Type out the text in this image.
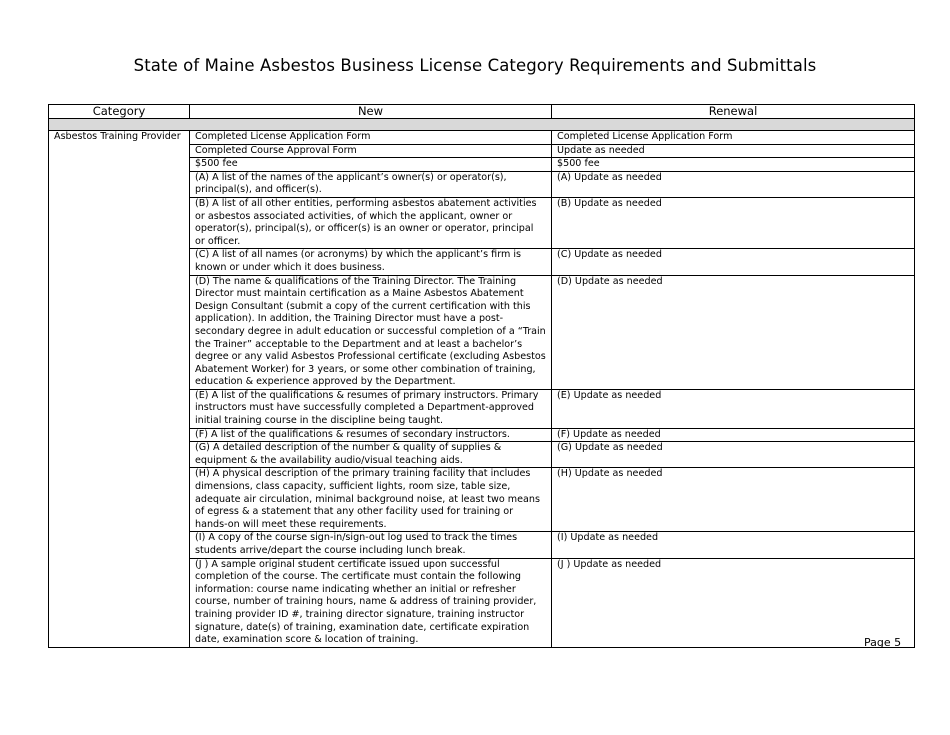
State of Maine Asbestos Business License Category Requirements and Submittals
Category	New	Renewal

Asbestos Training Provider	Completed License Application Form	Completed License Application Form
	Completed Course Approval Form	Update as needed
	$500 fee	$500 fee
	(A) A list of the names of the applicant’s owner(s) or operator(s), principal(s), and officer(s).	(A) Update as needed
	(B) A list of all other entities, performing asbestos abatement activities or asbestos associated activities, of which the applicant, owner or operator(s), principal(s), or officer(s) is an owner or operator, principal or officer.	(B) Update as needed
	(C) A list of all names (or acronyms) by which the applicant’s firm is known or under which it does business.	(C) Update as needed
	(D) The name & qualifications of the Training Director. The Training Director must maintain certification as a Maine Asbestos Abatement Design Consultant (submit a copy of the current certification with this application). In addition, the Training Director must have a post-secondary degree in adult education or successful completion of a “Train the Trainer” acceptable to the Department and at least a bachelor’s degree or any valid Asbestos Professional certificate (excluding Asbestos Abatement Worker) for 3 years, or some other combination of training, education & experience approved by the Department.	(D) Update as needed
	(E) A list of the qualifications & resumes of primary instructors. Primary instructors must have successfully completed a Department-approved initial training course in the discipline being taught.	(E) Update as needed
	(F) A list of the qualifications & resumes of secondary instructors.	(F) Update as needed
	(G) A detailed description of the number & quality of supplies & equipment & the availability audio/visual teaching aids.	(G) Update as needed
	(H) A physical description of the primary training facility that includes dimensions, class capacity, sufficient lights, room size, table size, adequate air circulation, minimal background noise, at least two means of egress & a statement that any other facility used for training or hands-on will meet these requirements.	(H) Update as needed
	(I) A copy of the course sign-in/sign-out log used to track the times students arrive/depart the course including lunch break.	(I) Update as needed
	(J ) A sample original student certificate issued upon successful completion of the course. The certificate must contain the following information: course name indicating whether an initial or refresher course, number of training hours, name & address of training provider, training provider ID #, training director signature, training instructor signature, date(s) of training, examination date, certificate expiration date, examination score & location of training.	(J ) Update as needed
Page 5
